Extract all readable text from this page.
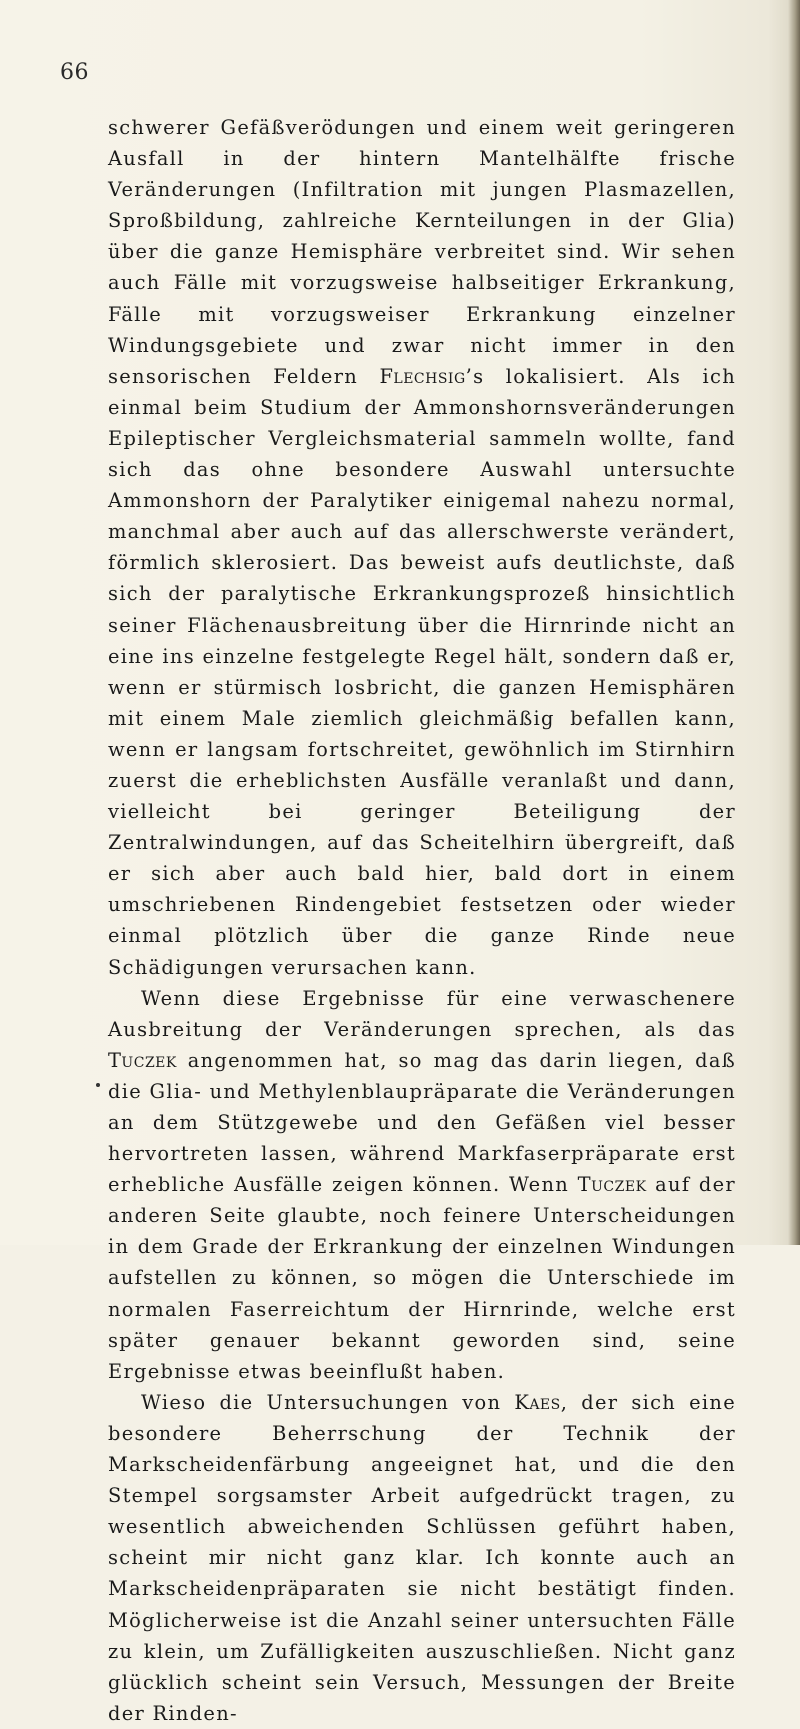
66

schwerer Gefäßverödungen und einem weit geringeren Ausfall in der hintern Mantelhälfte frische Veränderungen (Infiltration mit jungen Plasmazellen, Sproßbildung, zahlreiche Kernteilungen in der Glia) über die ganze Hemisphäre verbreitet sind. Wir sehen auch Fälle mit vorzugsweise halbseitiger Erkrankung, Fälle mit vorzugsweiser Erkrankung einzelner Windungsgebiete und zwar nicht immer in den sensorischen Feldern Flechsig’s lokalisiert. Als ich einmal beim Studium der Ammonshornsveränderungen Epileptischer Vergleichsmaterial sammeln wollte, fand sich das ohne besondere Auswahl untersuchte Ammonshorn der Paralytiker einigemal nahezu normal, manchmal aber auch auf das allerschwerste verändert, förmlich sklerosiert. Das beweist aufs deutlichste, daß sich der paralytische Erkrankungsprozeß hinsichtlich seiner Flächenausbreitung über die Hirnrinde nicht an eine ins einzelne festgelegte Regel hält, sondern daß er, wenn er stürmisch losbricht, die ganzen Hemisphären mit einem Male ziemlich gleichmäßig befallen kann, wenn er langsam fortschreitet, gewöhnlich im Stirnhirn zuerst die erheblichsten Ausfälle veranlaßt und dann, vielleicht bei geringer Beteiligung der Zentralwindungen, auf das Scheitelhirn übergreift, daß er sich aber auch bald hier, bald dort in einem umschriebenen Rindengebiet festsetzen oder wieder einmal plötzlich über die ganze Rinde neue Schädigungen verursachen kann.

Wenn diese Ergebnisse für eine verwaschenere Ausbreitung der Veränderungen sprechen, als das Tuczek angenommen hat, so mag das darin liegen, daß die Glia- und Methylenblaupräparate die Veränderungen an dem Stützgewebe und den Gefäßen viel besser hervortreten lassen, während Markfaserpräparate erst erhebliche Ausfälle zeigen können. Wenn Tuczek auf der anderen Seite glaubte, noch feinere Unterscheidungen in dem Grade der Erkrankung der einzelnen Windungen aufstellen zu können, so mögen die Unterschiede im normalen Faserreichtum der Hirnrinde, welche erst später genauer bekannt geworden sind, seine Ergebnisse etwas beeinflußt haben.

Wieso die Untersuchungen von Kaes, der sich eine besondere Beherrschung der Technik der Markscheidenfärbung angeeignet hat, und die den Stempel sorgsamster Arbeit aufgedrückt tragen, zu wesentlich abweichenden Schlüssen geführt haben, scheint mir nicht ganz klar. Ich konnte auch an Markscheidenpräparaten sie nicht bestätigt finden. Möglicherweise ist die Anzahl seiner untersuchten Fälle zu klein, um Zufälligkeiten auszuschließen. Nicht ganz glücklich scheint sein Versuch, Messungen der Breite der Rinden-
